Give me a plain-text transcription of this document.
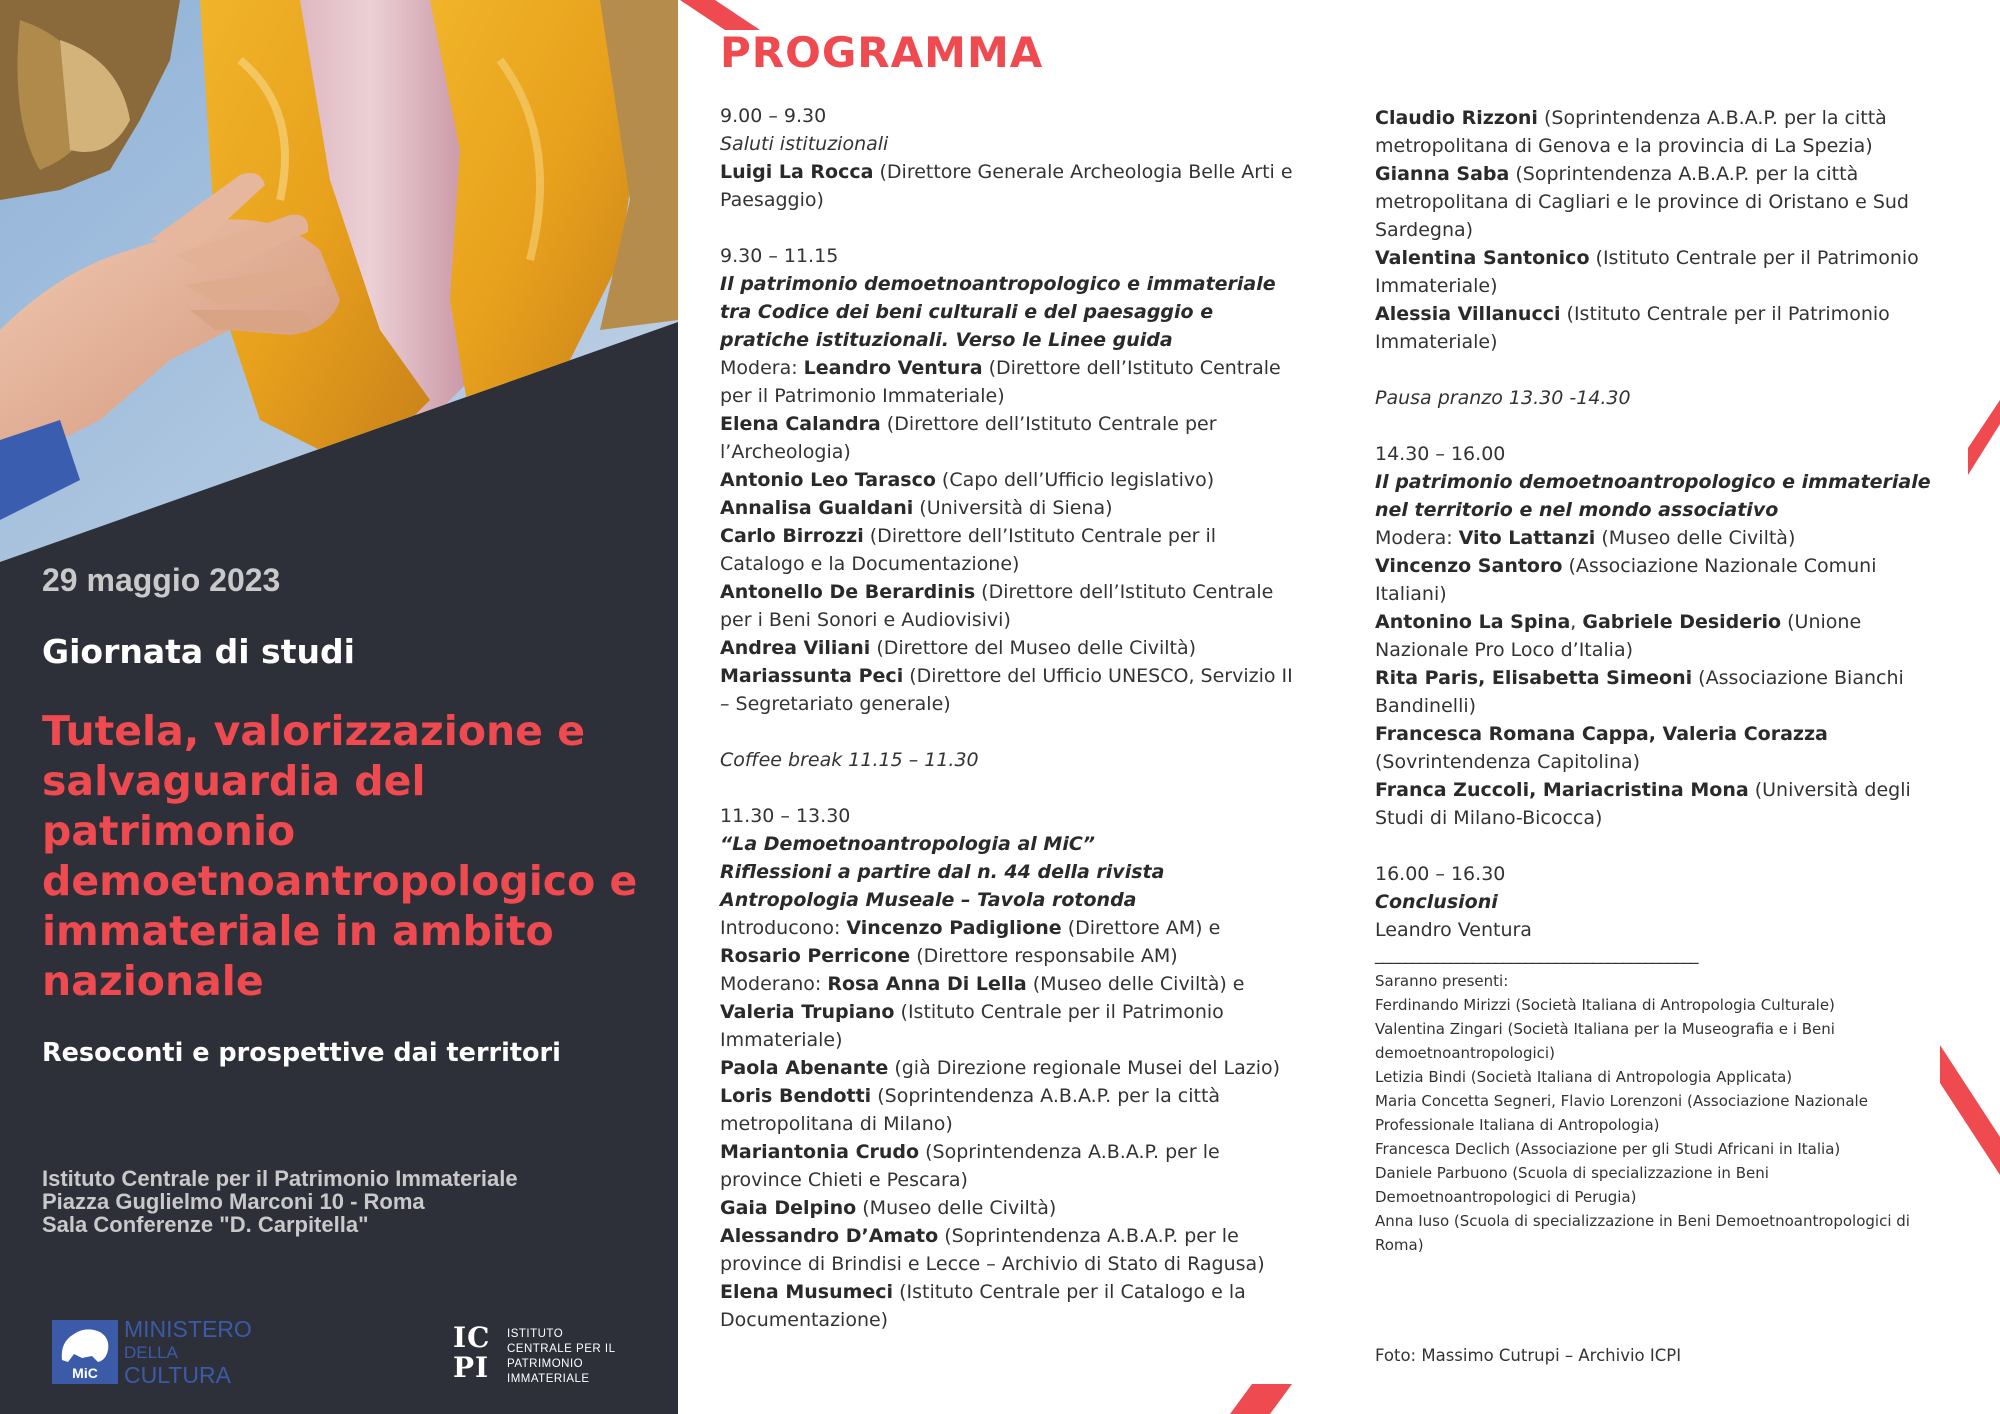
29 maggio 2023
Giornata di studi
Tutela, valorizzazione e salvaguardia del patrimonio demoetnoantropologico e immateriale in ambito nazionale
Resoconti e prospettive dai territori
Istituto Centrale per il Patrimonio Immateriale
Piazza Guglielmo Marconi 10 - Roma
Sala Conferenze "D. Carpitella"
MiC
MINISTERO
DELLA
CULTURA
IC
PI
ISTITUTO
CENTRALE PER IL
PATRIMONIO
IMMATERIALE
PROGRAMMA

9.00 – 9.30

Saluti istituzionali

Luigi La Rocca (Direttore Generale Archeologia Belle Arti e Paesaggio)

9.30 – 11.15

Il patrimonio demoetnoantropologico e immateriale tra Codice dei beni culturali e del paesaggio e pratiche istituzionali. Verso le Linee guida

Modera: Leandro Ventura (Direttore dell’Istituto Centrale per il Patrimonio Immateriale)

Elena Calandra (Direttore dell’Istituto Centrale per l’Archeologia)

Antonio Leo Tarasco (Capo dell’Ufficio legislativo)

Annalisa Gualdani (Università di Siena)

Carlo Birrozzi (Direttore dell’Istituto Centrale per il Catalogo e la Documentazione)

Antonello De Berardinis (Direttore dell’Istituto Centrale per i Beni Sonori e Audiovisivi)

Andrea Viliani (Direttore del Museo delle Civiltà)

Mariassunta Peci (Direttore del Ufficio UNESCO, Servizio II – Segretariato generale)

Coffee break 11.15 – 11.30

11.30 – 13.30

“La Demoetnoantropologia al MiC”

Riflessioni a partire dal n. 44 della rivista Antropologia Museale – Tavola rotonda

Introducono: Vincenzo Padiglione (Direttore AM) e

Rosario Perricone (Direttore responsabile AM)

Moderano: Rosa Anna Di Lella (Museo delle Civiltà) e

Valeria Trupiano (Istituto Centrale per il Patrimonio Immateriale)

Paola Abenante (già Direzione regionale Musei del Lazio)

Loris Bendotti (Soprintendenza A.B.A.P. per la città metropolitana di Milano)

Mariantonia Crudo (Soprintendenza A.B.A.P. per le province Chieti e Pescara)

Gaia Delpino (Museo delle Civiltà)

Alessandro D’Amato (Soprintendenza A.B.A.P. per le province di Brindisi e Lecce – Archivio di Stato di Ragusa)

Elena Musumeci (Istituto Centrale per il Catalogo e la Documentazione)

Claudio Rizzoni (Soprintendenza A.B.A.P. per la città metropolitana di Genova e la provincia di La Spezia)

Gianna Saba (Soprintendenza A.B.A.P. per la città metropolitana di Cagliari e le province di Oristano e Sud Sardegna)

Valentina Santonico (Istituto Centrale per il Patrimonio Immateriale)

Alessia Villanucci (Istituto Centrale per il Patrimonio Immateriale)

Pausa pranzo 13.30 -14.30

14.30 – 16.00

Il patrimonio demoetnoantropologico e immateriale nel territorio e nel mondo associativo

Modera: Vito Lattanzi (Museo delle Civiltà)

Vincenzo Santoro (Associazione Nazionale Comuni Italiani)

Antonino La Spina, Gabriele Desiderio (Unione Nazionale Pro Loco d’Italia)

Rita Paris, Elisabetta Simeoni (Associazione Bianchi Bandinelli)

Francesca Romana Cappa, Valeria Corazza (Sovrintendenza Capitolina)

Franca Zuccoli, Mariacristina Mona (Università degli Studi di Milano-Bicocca)

16.00 – 16.30

Conclusioni

Leandro Ventura

___________________________________________

Saranno presenti:

Ferdinando Mirizzi (Società Italiana di Antropologia Culturale)

Valentina Zingari (Società Italiana per la Museografia e i Beni demoetnoantropologici)

Letizia Bindi (Società Italiana di Antropologia Applicata)

Maria Concetta Segneri, Flavio Lorenzoni (Associazione Nazionale Professionale Italiana di Antropologia)

Francesca Declich (Associazione per gli Studi Africani in Italia)

Daniele Parbuono (Scuola di specializzazione in Beni Demoetnoantropologici di Perugia)

Anna Iuso (Scuola di specializzazione in Beni Demoetnoantropologici di Roma)

Foto: Massimo Cutrupi – Archivio ICPI
